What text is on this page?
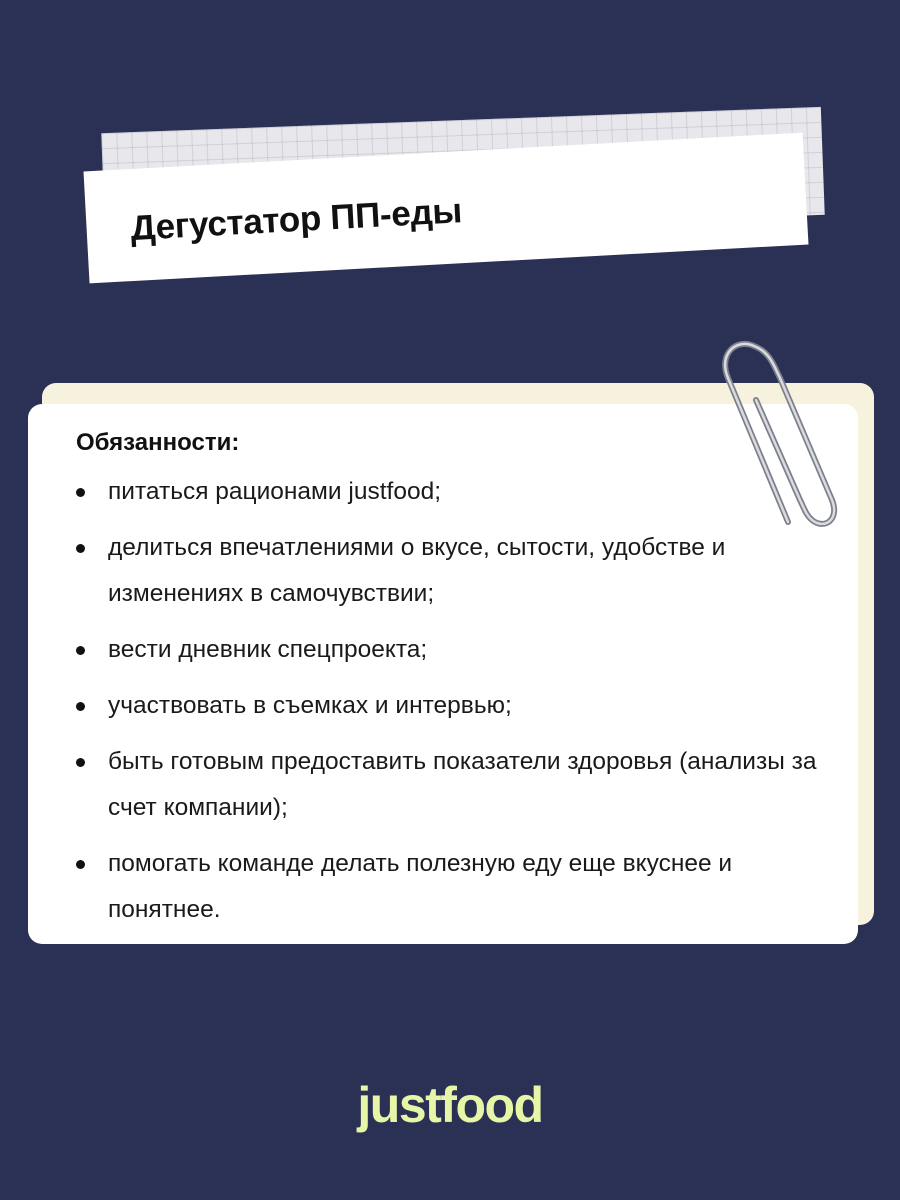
Дегустатор ПП-еды
Обязанности:
питаться рационами justfood;
делиться впечатлениями о вкусе, сытости, удобстве и изменениях в самочувствии;
вести дневник спецпроекта;
участвовать в съемках и интервью;
быть готовым предоставить показатели здоровья (анализы за счет компании);
помогать команде делать полезную еду еще вкуснее и понятнее.
justfood
